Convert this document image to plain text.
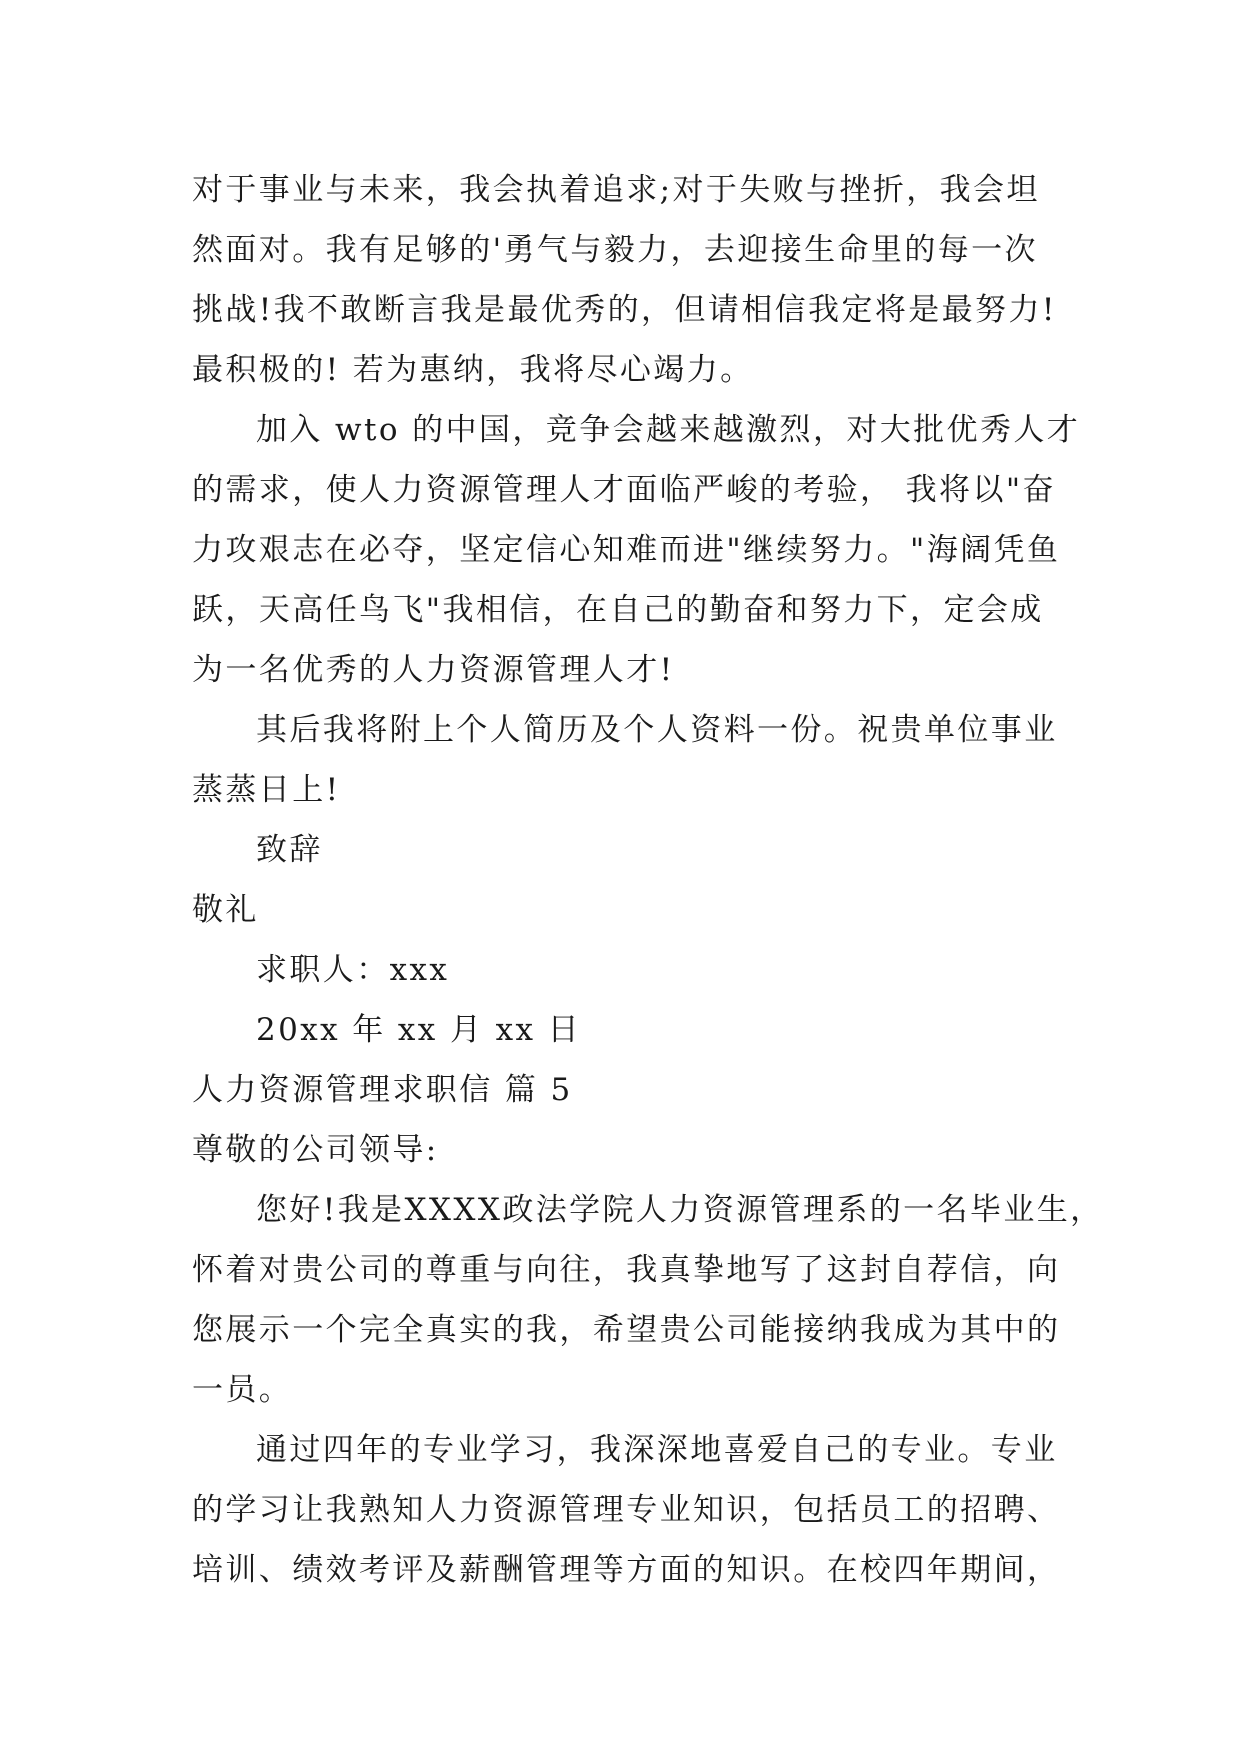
对于事业与未来，我会执着追求;对于失败与挫折，我会坦
然面对。我有足够的'勇气与毅力，去迎接生命里的每一次
挑战!我不敢断言我是最优秀的，但请相信我定将是最努力!
最积极的! 若为惠纳，我将尽心竭力。
加入 wto 的中国，竞争会越来越激烈，对大批优秀人才
的需求，使人力资源管理人才面临严峻的考验， 我将以"奋
力攻艰志在必夺，坚定信心知难而进"继续努力。"海阔凭鱼
跃，天高任鸟飞"我相信，在自己的勤奋和努力下，定会成
为一名优秀的人力资源管理人才!
其后我将附上个人简历及个人资料一份。祝贵单位事业
蒸蒸日上!
致辞
敬礼
求职人：xxx
20xx 年 xx 月 xx 日
人力资源管理求职信 篇 5
尊敬的公司领导:
您好!我是XXXX政法学院人力资源管理系的一名毕业生，
怀着对贵公司的尊重与向往，我真挚地写了这封自荐信，向
您展示一个完全真实的我，希望贵公司能接纳我成为其中的
一员。
通过四年的专业学习，我深深地喜爱自己的专业。专业
的学习让我熟知人力资源管理专业知识，包括员工的招聘、
培训、绩效考评及薪酬管理等方面的知识。在校四年期间，
